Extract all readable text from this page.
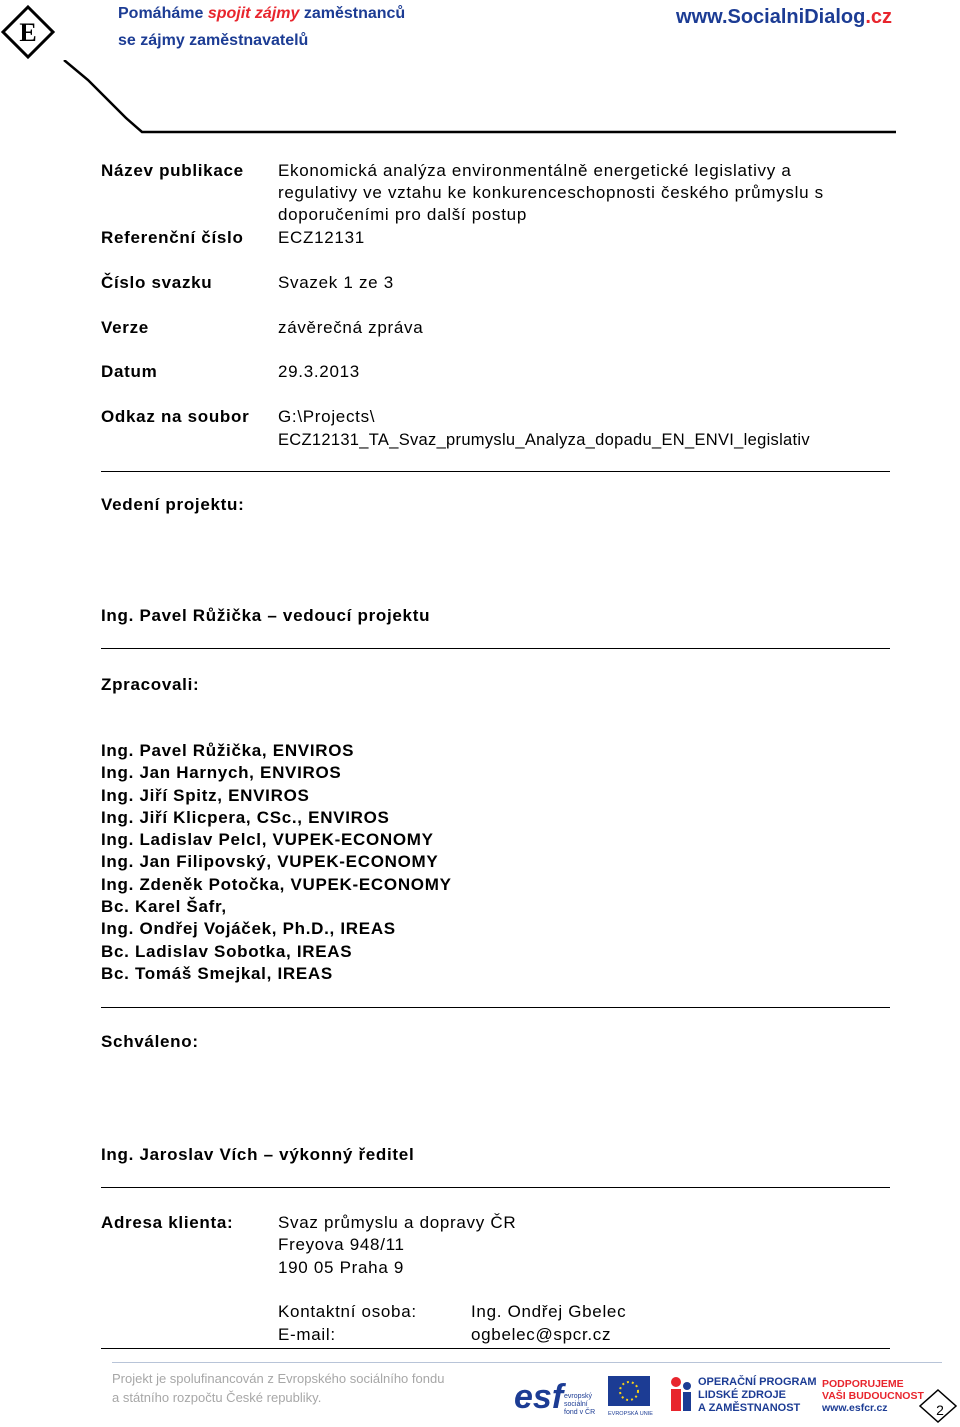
E
Pomáháme spojit zájmy zaměstnanců
se zájmy zaměstnavatelů
www.SocialniDialog.cz
Název publikace Ekonomická analýza environmentálně energetické legislativy a
regulativy ve vztahu ke konkurenceschopnosti českého průmyslu s
doporučeními pro další postup
Referenční číslo ECZ12131
Číslo svazku	Svazek 1 ze 3
Verze	závěrečná zpráva
Datum	29.3.2013
Odkaz na soubor G:\Projects\
ECZ12131_TA_Svaz_prumyslu_Analyza_dopadu_EN_ENVI_legislativ
Vedení projektu:
Ing. Pavel Růžička – vedoucí projektu
Zpracovali:
Ing. Pavel Růžička, ENVIROS
Ing. Jan Harnych, ENVIROS
Ing. Jiří Spitz, ENVIROS
Ing. Jiří Klicpera, CSc., ENVIROS
Ing. Ladislav Pelcl, VUPEK-ECONOMY
Ing. Jan Filipovský, VUPEK-ECONOMY
Ing. Zdeněk Potočka, VUPEK-ECONOMY
Bc. Karel Šafr,
Ing. Ondřej Vojáček, Ph.D., IREAS
Bc. Ladislav Sobotka, IREAS
Bc. Tomáš Smejkal, IREAS
Schváleno:
Ing. Jaroslav Vích – výkonný ředitel
Adresa klienta:	Svaz průmyslu a dopravy ČR
Freyova 948/11
190 05 Praha 9
Kontaktní osoba:	Ing. Ondřej Gbelec
E-mail:	ogbelec@spcr.cz
Projekt je spolufinancován z Evropského sociálního fondu
a státního rozpočtu České republiky.	esf evropský
sociální
fond v ČR EVROPSKÁ UNIE
OPERAČNÍ PROGRAM
LIDSKÉ ZDROJE
A ZAMĚSTNANOST
PODPORUJEME
VAŠI BUDOUCNOST
www.esfcr.cz	2
